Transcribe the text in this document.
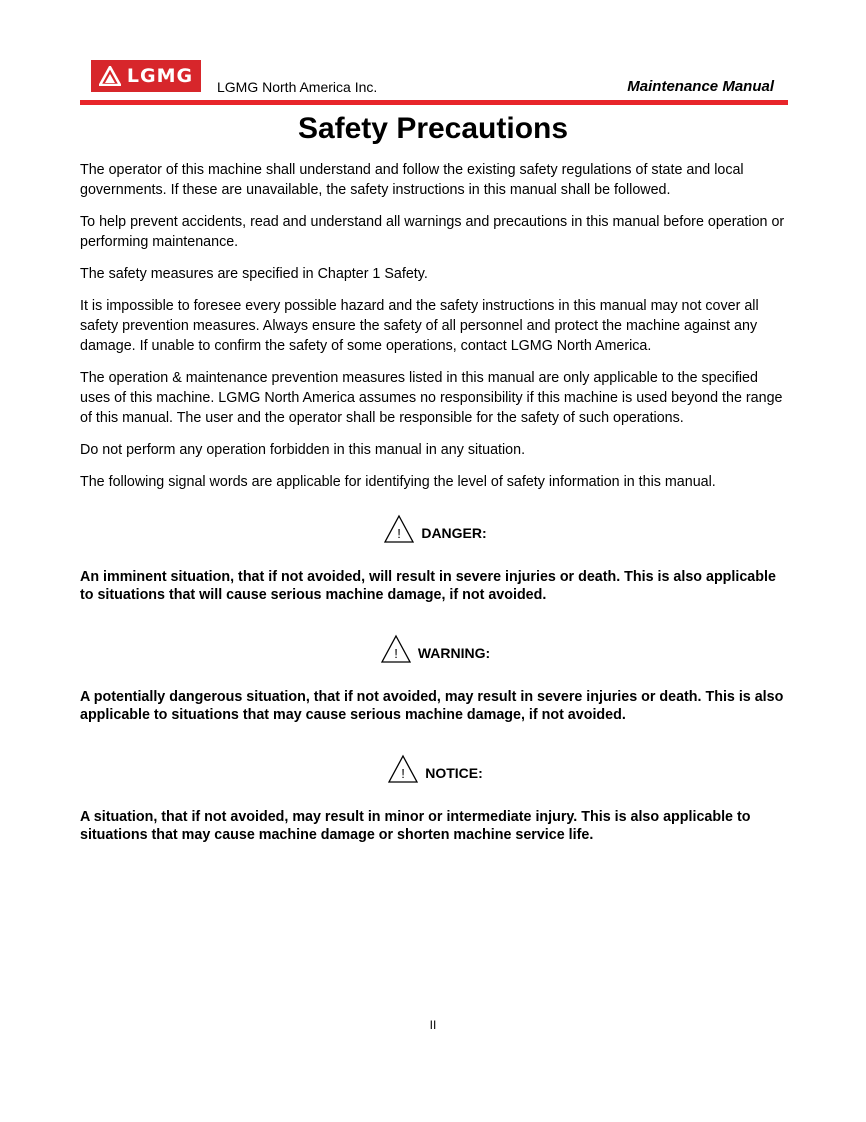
LGMG
LGMG North America Inc.	Maintenance Manual
Safety Precautions

The operator of this machine shall understand and follow the existing safety regulations of state and local governments. If these are unavailable, the safety instructions in this manual shall be followed.

To help prevent accidents, read and understand all warnings and precautions in this manual before operation or performing maintenance.

The safety measures are specified in Chapter 1 Safety.

It is impossible to foresee every possible hazard and the safety instructions in this manual may not cover all safety prevention measures. Always ensure the safety of all personnel and protect the machine against any damage. If unable to confirm the safety of some operations, contact LGMG North America.

The operation & maintenance prevention measures listed in this manual are only applicable to the specified uses of this machine. LGMG North America assumes no responsibility if this machine is used beyond the range of this manual. The user and the operator shall be responsible for the safety of such operations.

Do not perform any operation forbidden in this manual in any situation.

The following signal words are applicable for identifying the level of safety information in this manual.

! DANGER:

An imminent situation, that if not avoided, will result in severe injuries or death. This is also applicable to situations that will cause serious machine damage, if not avoided.

! WARNING:

A potentially dangerous situation, that if not avoided, may result in severe injuries or death. This is also applicable to situations that may cause serious machine damage, if not avoided.

! NOTICE:

A situation, that if not avoided, may result in minor or intermediate injury. This is also applicable to situations that may cause machine damage or shorten machine service life.

II
